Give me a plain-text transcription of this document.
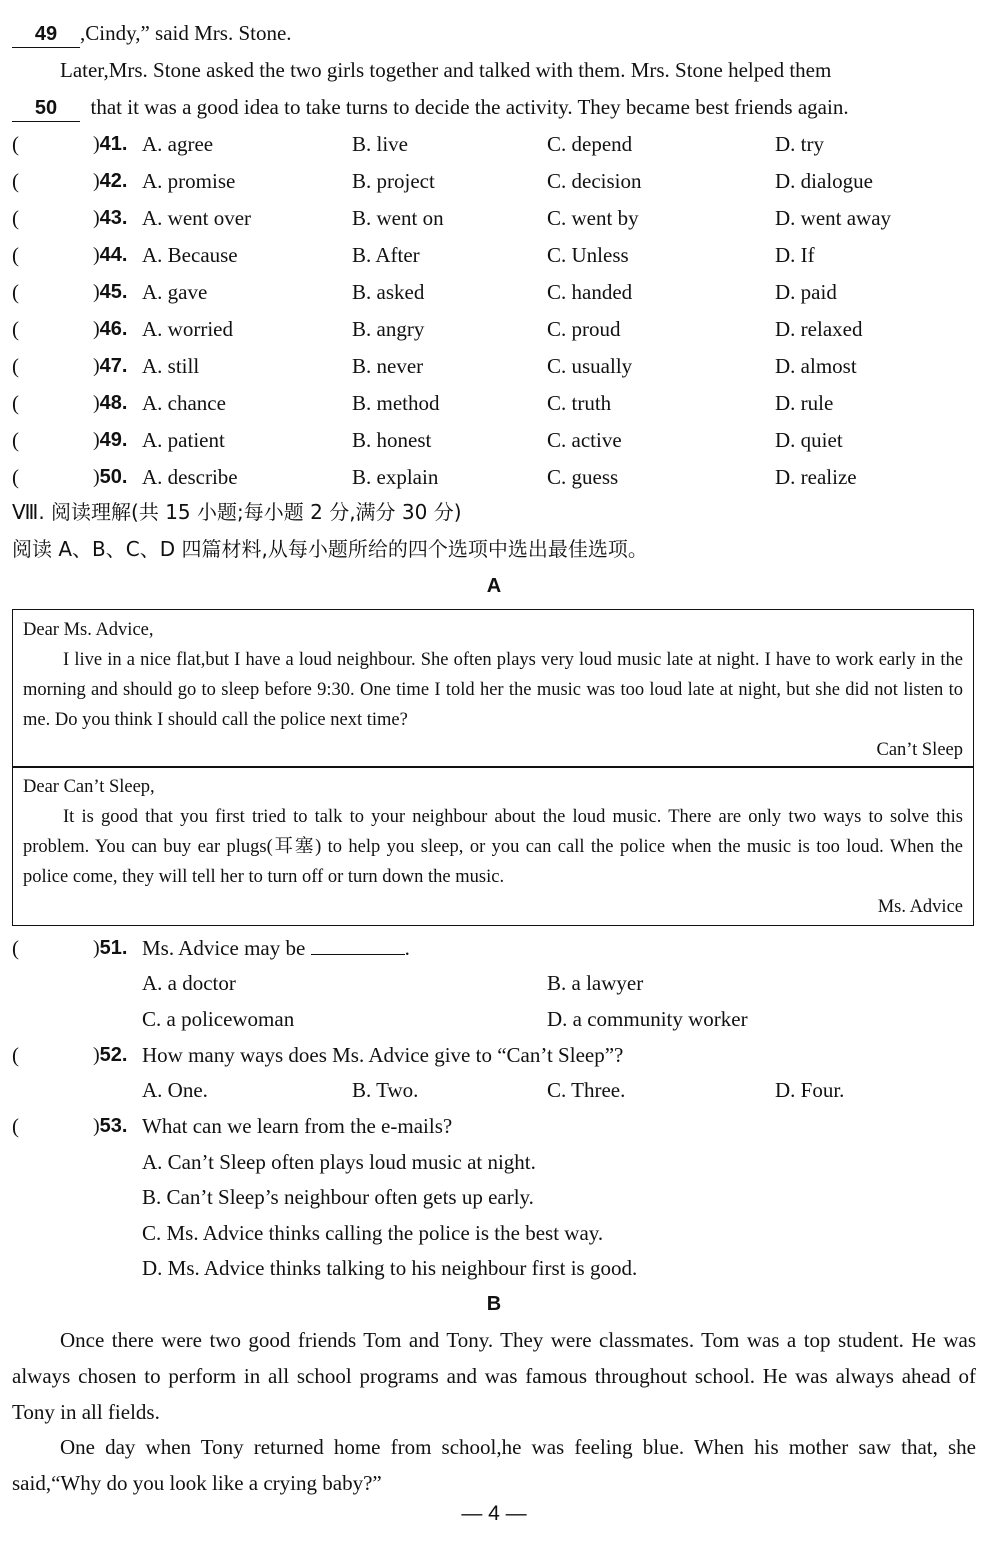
49 ,Cindy,” said Mrs. Stone.
Later,Mrs. Stone asked the two girls together and talked with them. Mrs. Stone helped them
50 that it was a good idea to take turns to decide the activity. They became best friends again.
(	)41. A. agree	B. live	C. depend	D. try
(	)42. A. promise	B. project	C. decision	D. dialogue
(	)43. A. went over	B. went on	C. went by	D. went away
(	)44. A. Because	B. After	C. Unless	D. If
(	)45. A. gave	B. asked	C. handed	D. paid
(	)46. A. worried	B. angry	C. proud	D. relaxed
(	)47. A. still	B. never	C. usually	D. almost
(	)48. A. chance	B. method	C. truth	D. rule
(	)49. A. patient	B. honest	C. active	D. quiet
(	)50. A. describe	B. explain	C. guess	D. realize
Ⅷ. 阅读理解(共 15 小题;每小题 2 分,满分 30 分)
阅读 A、B、C、D 四篇材料,从每小题所给的四个选项中选出最佳选项。
A

Dear Ms. Advice,

I live in a nice flat,but I have a loud neighbour. She often plays very loud music late at night. I have to work early in the morning and should go to sleep before 9:30. One time I told her the music was too loud late at night, but she did not listen to me. Do you think I should call the police next time?

Can’t Sleep

Dear Can’t Sleep,

It is good that you first tried to talk to your neighbour about the loud music. There are only two ways to solve this problem. You can buy ear plugs(耳塞) to help you sleep, or you can call the police when the music is too loud. When the police come, they will tell her to turn off or turn down the music.

Ms. Advice

(	)51. Ms. Advice may be	.
A. a doctor	B. a lawyer
C. a policewoman	D. a community worker
(	)52. How many ways does Ms. Advice give to “Can’t Sleep”?
A. One.	B. Two.	C. Three.	D. Four.
(	)53. What can we learn from the e-mails?
A. Can’t Sleep often plays loud music at night.
B. Can’t Sleep’s neighbour often gets up early.
C. Ms. Advice thinks calling the police is the best way.
D. Ms. Advice thinks talking to his neighbour first is good.
B
Once there were two good friends Tom and Tony. They were classmates. Tom was a top student. He was always chosen to perform in all school programs and was famous throughout school. He was always ahead of Tony in all fields.
One day when Tony returned home from school,he was feeling blue. When his mother saw that, she said,“Why do you look like a crying baby?”
— 4 —
